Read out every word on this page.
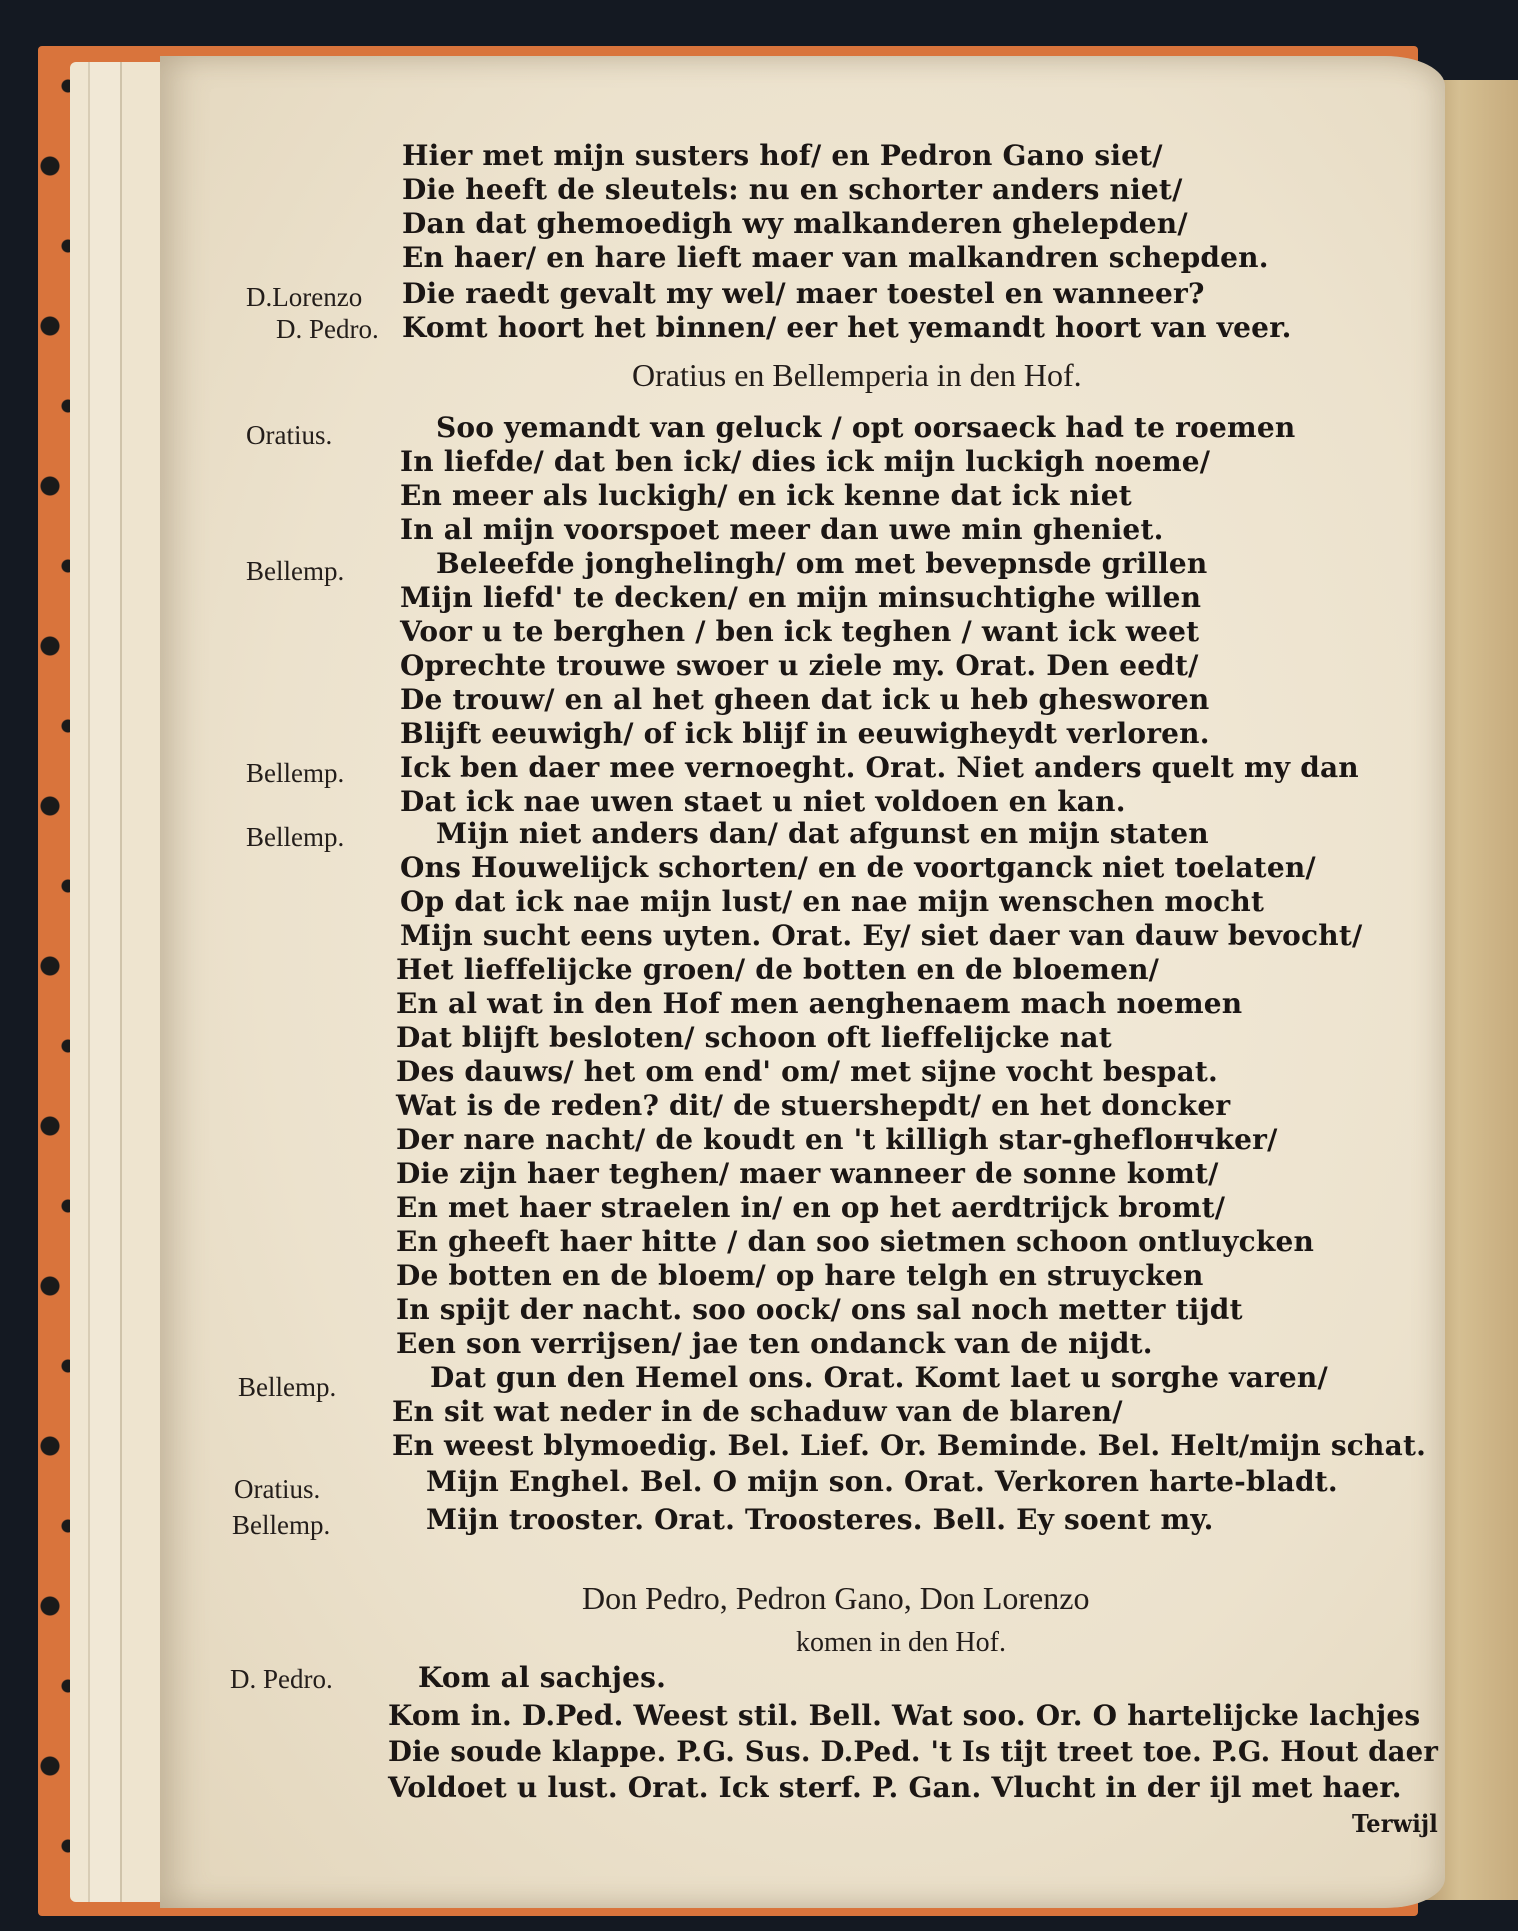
Hier met mijn susters hof/ en Pedron Gano siet/
Die heeft de sleutels: nu en schorter anders niet/
Dan dat ghemoedigh wy malkanderen ghelepden/
En haer/ en hare lieft maer van malkandren schepden.
D.Lorenzo Die raedt gevalt my wel/ maer toestel en wanneer?
D. Pedro. Komt hoort het binnen/ eer het yemandt hoort van veer.
Oratius en Bellemperia in den Hof.
Oratius.	Soo yemandt van geluck / opt oorsaeck had te roemen
In liefde/ dat ben ick/ dies ick mijn luckigh noeme/
En meer als luckigh/ en ick kenne dat ick niet
In al mijn voorspoet meer dan uwe min gheniet.
Bellemp.	Beleefde jonghelingh/ om met bevepnsde grillen
Mijn liefd' te decken/ en mijn minsuchtighe willen
Voor u te berghen / ben ick teghen / want ick weet
Oprechte trouwe swoer u ziele my. Orat. Den eedt/
De trouw/ en al het gheen dat ick u heb ghesworen
Blijft eeuwigh/ of ick blijf in eeuwigheydt verloren.
Bellemp. Ick ben daer mee vernoeght. Orat. Niet anders quelt my dan
Dat ick nae uwen staet u niet voldoen en kan.
Bellemp.	Mijn niet anders dan/ dat afgunst en mijn staten
Ons Houwelijck schorten/ en de voortganck niet toelaten/
Op dat ick nae mijn lust/ en nae mijn wenschen mocht
Mijn sucht eens uyten. Orat. Ey/ siet daer van dauw bevocht/
Het lieffelijcke groen/ de botten en de bloemen/
En al wat in den Hof men aenghenaem mach noemen
Dat blijft besloten/ schoon oft lieffelijcke nat
Des dauws/ het om end' om/ met sijne vocht bespat.
Wat is de reden? dit/ de stuershepdt/ en het doncker
Der nare nacht/ de koudt en 't killigh star-gheflончker/
Die zijn haer teghen/ maer wanneer de sonne komt/
En met haer straelen in/ en op het aerdtrijck bromt/
En gheeft haer hitte / dan soo sietmen schoon ontluycken
De botten en de bloem/ op hare telgh en struycken
In spijt der nacht. soo oock/ ons sal noch metter tijdt
Een son verrijsen/ jae ten ondanck van de nijdt.
Bellemp.	Dat gun den Hemel ons. Orat. Komt laet u sorghe varen/
En sit wat neder in de schaduw van de blaren/
En weest blymoedig. Bel. Lief. Or. Beminde. Bel. Helt/mijn schat.
Oratius.	Mijn Enghel. Bel. O mijn son. Orat. Verkoren harte-bladt.
Bellemp.	Mijn trooster. Orat. Troosteres. Bell. Ey soent my.
Don Pedro, Pedron Gano, Don Lorenzo
komen in den Hof.
D. Pedro.	Kom al sachjes.
Kom in. D.Ped. Weest stil. Bell. Wat soo. Or. O hartelijcke lachjes
Die soude klappe. P.G. Sus. D.Ped. 't Is tijt treet toe. P.G. Hout daer
Voldoet u lust. Orat. Ick sterf. P. Gan. Vlucht in der ijl met haer.
Terwijl
